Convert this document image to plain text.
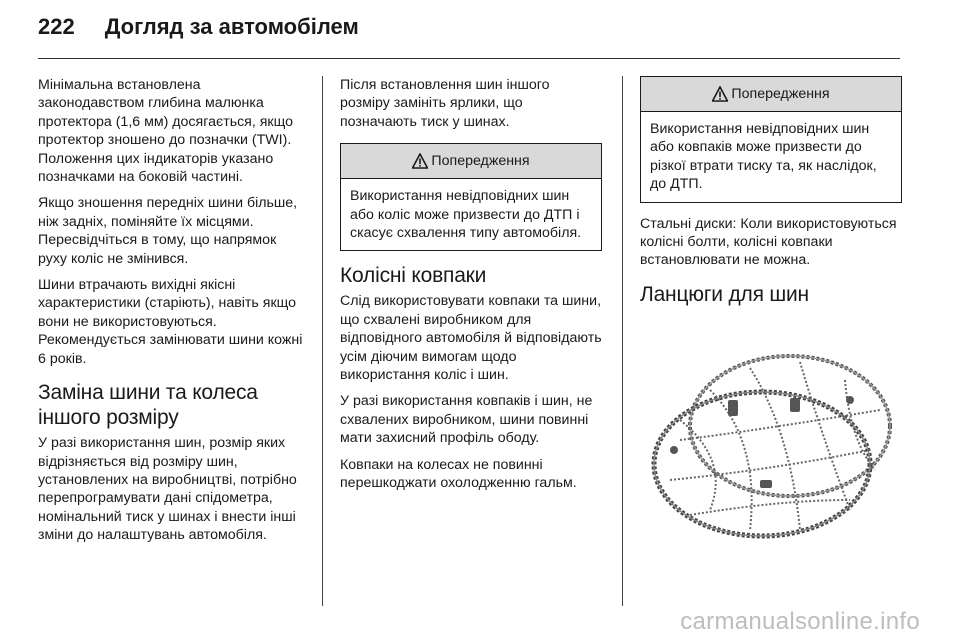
222 Догляд за автомобілем

Мінімальна встановлена законодавством глибина малюнка протектора (1,6 мм) досягається, якщо протектор зношено до позначки (TWI). Положення цих індикаторів указано позначками на боковій частині.

Якщо зношення передніх шини більше, ніж задніх, поміняйте їх місцями. Пересвідчіться в тому, що напрямок руху коліс не змінився.

Шини втрачають вихідні якісні характеристики (старіють), навіть якщо вони не використовуються. Рекомендується замінювати шини кожні 6 років.

Заміна шини та колеса іншого розміру

У разі використання шин, розмір яких відрізняється від розміру шин, установлених на виробництві, потрібно перепрограмувати дані спідометра, номінальний тиск у шинах і внести інші зміни до налаштувань автомобіля.

Після встановлення шин іншого розміру замініть ярлики, що позначають тиск у шинах.

Попередження
Використання невідповідних шин або коліс може призвести до ДТП і скасує схвалення типу автомобіля.
Колісні ковпаки

Слід використовувати ковпаки та шини, що схвалені виробником для відповідного автомобіля й відповідають усім діючим вимогам щодо використання коліс і шин.

У разі використання ковпаків і шин, не схвалених виробником, шини повинні мати захисний профіль ободу.

Ковпаки на колесах не повинні перешкоджати охолодженню гальм.

Попередження
Використання невідповідних шин або ковпаків може призвести до різкої втрати тиску та, як наслідок, до ДТП.

Стальні диски: Коли використовуються колісні болти, колісні ковпаки встановлювати не можна.

Ланцюги для шин
carmanualsonline.info
